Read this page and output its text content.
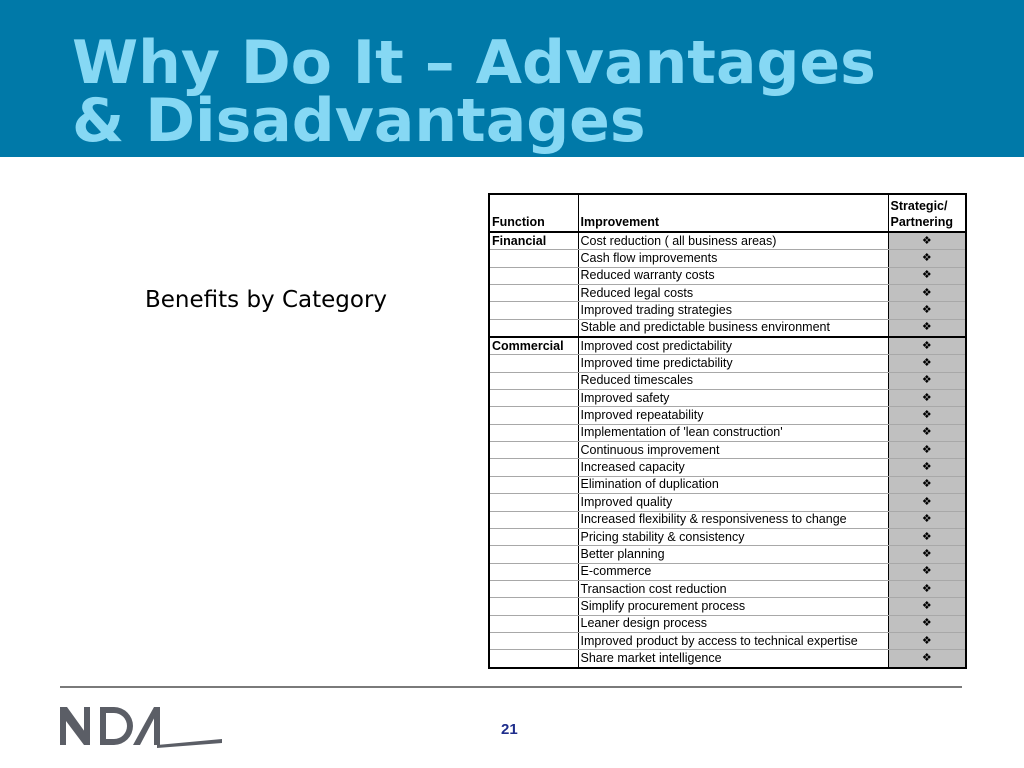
Why Do It – Advantages
& Disadvantages
Benefits by Category
Function	Improvement	Strategic/
Partnering
Financial	Cost reduction ( all business areas)	❖
	Cash flow improvements	❖
	Reduced warranty costs	❖
	Reduced legal costs	❖
	Improved trading strategies	❖
	Stable and predictable business environment	❖
Commercial	Improved cost predictability	❖
	Improved time predictability	❖
	Reduced timescales	❖
	Improved safety	❖
	Improved repeatability	❖
	Implementation of 'lean construction'	❖
	Continuous improvement	❖
	Increased capacity	❖
	Elimination of duplication	❖
	Improved quality	❖
	Increased flexibility & responsiveness to change	❖
	Pricing stability & consistency	❖
	Better planning	❖
	E-commerce	❖
	Transaction cost reduction	❖
	Simplify procurement process	❖
	Leaner design process	❖
	Improved product by access to technical expertise	❖
	Share market intelligence	❖
21
